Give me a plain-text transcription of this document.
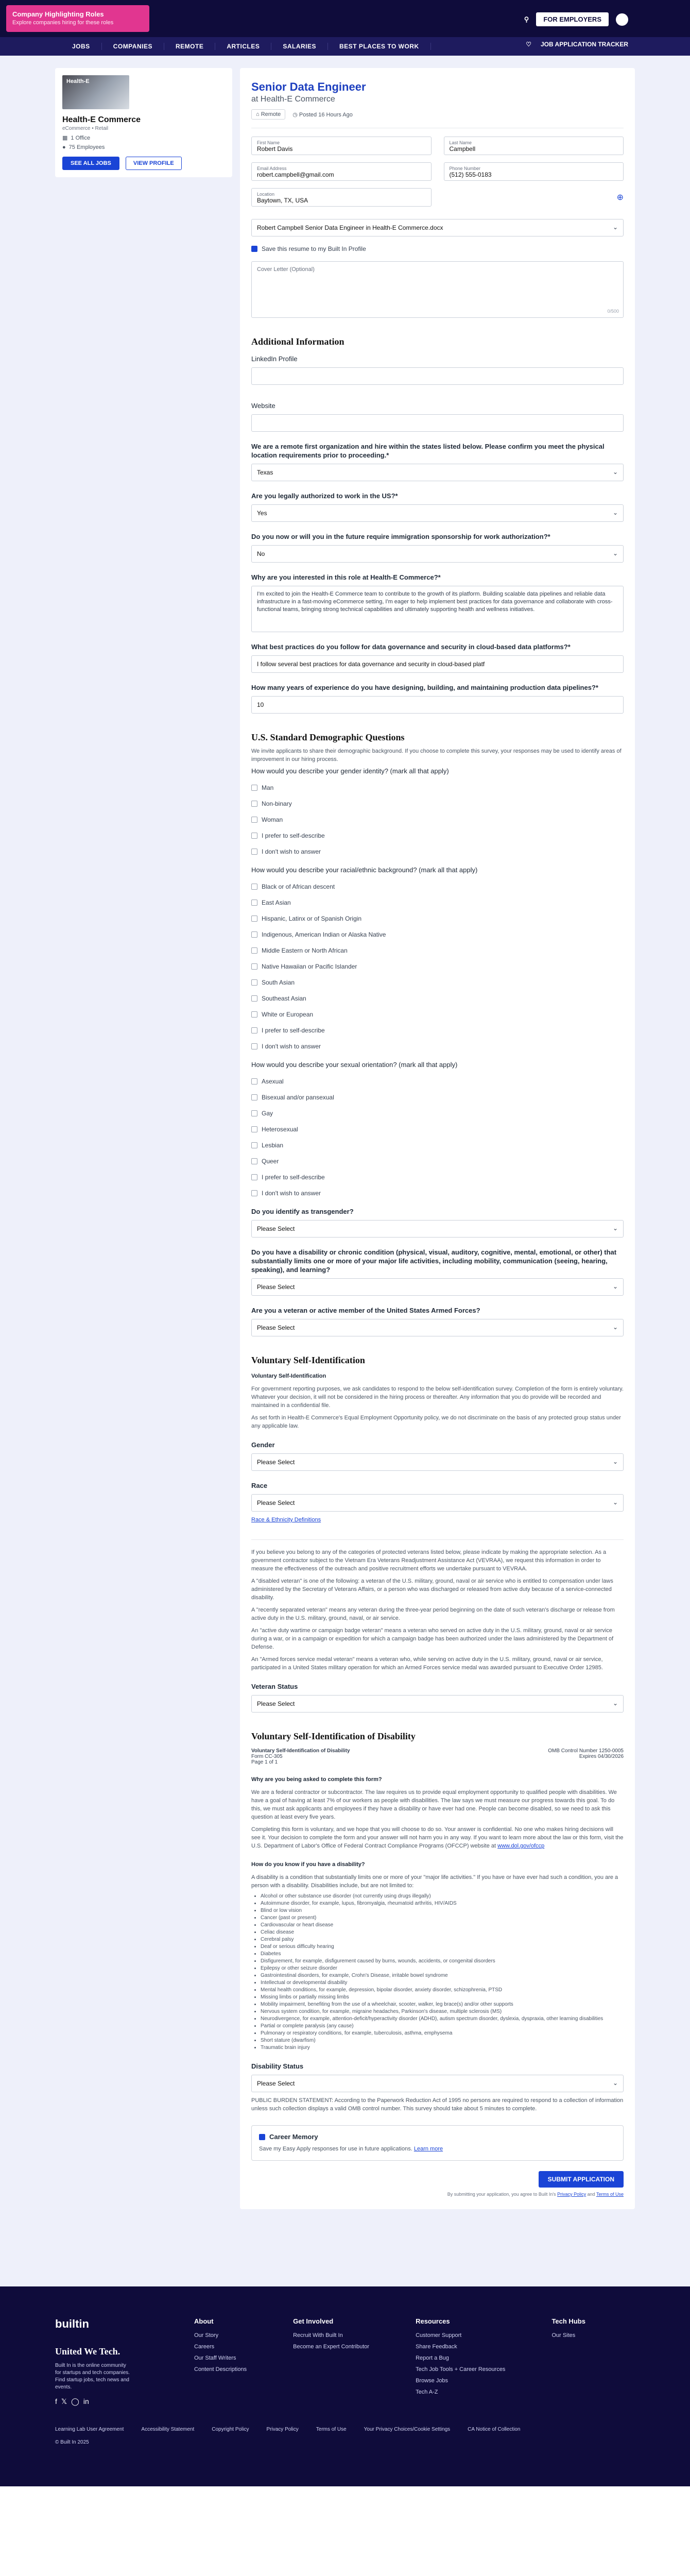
Company Highlighting Roles
Explore companies hiring for these roles	⚲	FOR EMPLOYERS
JOBS	COMPANIES	REMOTE	ARTICLES	SALARIES	BEST PLACES TO WORK	♡ JOB APPLICATION TRACKER
Health-E
Health-E Commerce
eCommerce • Retail
▦ 1 Office
● 75 Employees
SEE ALL JOBS	VIEW PROFILE
Senior Data Engineer
at Health-E Commerce
⌂ Remote	◷ Posted 16 Hours Ago
First Name
Robert Davis
Last Name
Campbell
Email Address
robert.campbell@gmail.com
Phone Number
(512) 555-0183
Location
Baytown, TX, USA	⊕
Robert Campbell Senior Data Engineer in Health-E Commerce.docx	⌄
Save this resume to my Built In Profile
Cover Letter (Optional)
0/500
Additional Information
LinkedIn Profile
Website
We are a remote first organization and hire within the states listed below. Please confirm you meet the physical location requirements prior to proceeding.*
Texas	⌄
Are you legally authorized to work in the US?*
Yes	⌄
Do you now or will you in the future require immigration sponsorship for work authorization?*
No	⌄
Why are you interested in this role at Health-E Commerce?*
I'm excited to join the Health-E Commerce team to contribute to the growth of its platform. Building scalable data pipelines and reliable data infrastructure in a fast-moving eCommerce setting, I'm eager to help implement best practices for data governance and collaborate with cross-functional teams, bringing strong technical capabilities and ultimately supporting health and wellness initiatives.
What best practices do you follow for data governance and security in cloud-based data platforms?*
I follow several best practices for data governance and security in cloud-based platf
How many years of experience do you have designing, building, and maintaining production data pipelines?*
10
U.S. Standard Demographic Questions
We invite applicants to share their demographic background. If you choose to complete this survey, your responses may be used to identify areas of improvement in our hiring process.
How would you describe your gender identity? (mark all that apply)
Man
Non-binary
Woman
I prefer to self-describe
I don't wish to answer
How would you describe your racial/ethnic background? (mark all that apply)
Black or of African descent
East Asian
Hispanic, Latinx or of Spanish Origin
Indigenous, American Indian or Alaska Native
Middle Eastern or North African
Native Hawaiian or Pacific Islander
South Asian
Southeast Asian
White or European
I prefer to self-describe
I don't wish to answer
How would you describe your sexual orientation? (mark all that apply)
Asexual
Bisexual and/or pansexual
Gay
Heterosexual
Lesbian
Queer
I prefer to self-describe
I don't wish to answer
Do you identify as transgender?
Please Select	⌄
Do you have a disability or chronic condition (physical, visual, auditory, cognitive, mental, emotional, or other) that substantially limits one or more of your major life activities, including mobility, communication (seeing, hearing, speaking), and learning?
Please Select	⌄
Are you a veteran or active member of the United States Armed Forces?
Please Select	⌄
Voluntary Self-Identification
Voluntary Self-Identification
For government reporting purposes, we ask candidates to respond to the below self-identification survey. Completion of the form is entirely voluntary. Whatever your decision, it will not be considered in the hiring process or thereafter. Any information that you do provide will be recorded and maintained in a confidential file.
As set forth in Health-E Commerce's Equal Employment Opportunity policy, we do not discriminate on the basis of any protected group status under any applicable law.
Gender
Please Select	⌄
Race
Please Select	⌄
Race & Ethnicity Definitions
If you believe you belong to any of the categories of protected veterans listed below, please indicate by making the appropriate selection. As a government contractor subject to the Vietnam Era Veterans Readjustment Assistance Act (VEVRAA), we request this information in order to measure the effectiveness of the outreach and positive recruitment efforts we undertake pursuant to VEVRAA.
A "disabled veteran" is one of the following: a veteran of the U.S. military, ground, naval or air service who is entitled to compensation under laws administered by the Secretary of Veterans Affairs, or a person who was discharged or released from active duty because of a service-connected disability.
A "recently separated veteran" means any veteran during the three-year period beginning on the date of such veteran's discharge or release from active duty in the U.S. military, ground, naval, or air service.
An "active duty wartime or campaign badge veteran" means a veteran who served on active duty in the U.S. military, ground, naval or air service during a war, or in a campaign or expedition for which a campaign badge has been authorized under the laws administered by the Department of Defense.
An "Armed forces service medal veteran" means a veteran who, while serving on active duty in the U.S. military, ground, naval or air service, participated in a United States military operation for which an Armed Forces service medal was awarded pursuant to Executive Order 12985.
Veteran Status
Please Select	⌄
Voluntary Self-Identification of Disability
Voluntary Self-Identification of Disability
Form CC-305
Page 1 of 1
OMB Control Number 1250-0005
Expires 04/30/2026
Why are you being asked to complete this form?
We are a federal contractor or subcontractor. The law requires us to provide equal employment opportunity to qualified people with disabilities. We have a goal of having at least 7% of our workers as people with disabilities. The law says we must measure our progress towards this goal. To do this, we must ask applicants and employees if they have a disability or have ever had one. People can become disabled, so we need to ask this question at least every five years.
Completing this form is voluntary, and we hope that you will choose to do so. Your answer is confidential. No one who makes hiring decisions will see it. Your decision to complete the form and your answer will not harm you in any way. If you want to learn more about the law or this form, visit the U.S. Department of Labor's Office of Federal Contract Compliance Programs (OFCCP) website at www.dol.gov/ofccp
How do you know if you have a disability?
A disability is a condition that substantially limits one or more of your "major life activities." If you have or have ever had such a condition, you are a person with a disability. Disabilities include, but are not limited to:
• Alcohol or other substance use disorder (not currently using drugs illegally)
• Autoimmune disorder, for example, lupus, fibromyalgia, rheumatoid arthritis, HIV/AIDS
• Blind or low vision
• Cancer (past or present)
• Cardiovascular or heart disease
• Celiac disease
• Cerebral palsy
• Deaf or serious difficulty hearing
• Diabetes
• Disfigurement, for example, disfigurement caused by burns, wounds, accidents, or congenital disorders
• Epilepsy or other seizure disorder
• Gastrointestinal disorders, for example, Crohn's Disease, irritable bowel syndrome
• Intellectual or developmental disability
• Mental health conditions, for example, depression, bipolar disorder, anxiety disorder, schizophrenia, PTSD
• Missing limbs or partially missing limbs
• Mobility impairment, benefiting from the use of a wheelchair, scooter, walker, leg brace(s) and/or other supports
• Nervous system condition, for example, migraine headaches, Parkinson's disease, multiple sclerosis (MS)
• Neurodivergence, for example, attention-deficit/hyperactivity disorder (ADHD), autism spectrum disorder, dyslexia, dyspraxia, other learning disabilities
• Partial or complete paralysis (any cause)
• Pulmonary or respiratory conditions, for example, tuberculosis, asthma, emphysema
• Short stature (dwarfism)
• Traumatic brain injury
Disability Status
Please Select	⌄
PUBLIC BURDEN STATEMENT: According to the Paperwork Reduction Act of 1995 no persons are required to respond to a collection of information unless such collection displays a valid OMB control number. This survey should take about 5 minutes to complete.
Career Memory
Save my Easy Apply responses for use in future applications. Learn more
SUBMIT APPLICATION
By submitting your application, you agree to Built In's Privacy Policy and Terms of Use
builtin
United We Tech.
Built In is the online community for startups and tech companies. Find startup jobs, tech news and events.
f 𝕏 ◯ in
About
Our Story
Careers
Our Staff Writers
Content Descriptions
Get Involved
Recruit With Built In
Become an Expert Contributor
Resources
Customer Support
Share Feedback
Report a Bug
Tech Job Tools + Career Resources
Browse Jobs
Tech A-Z
Tech Hubs
Our Sites
Learning Lab User Agreement	Accessibility Statement	Copyright Policy	Privacy Policy	Terms of Use	Your Privacy Choices/Cookie Settings	CA Notice of Collection
© Built In 2025
